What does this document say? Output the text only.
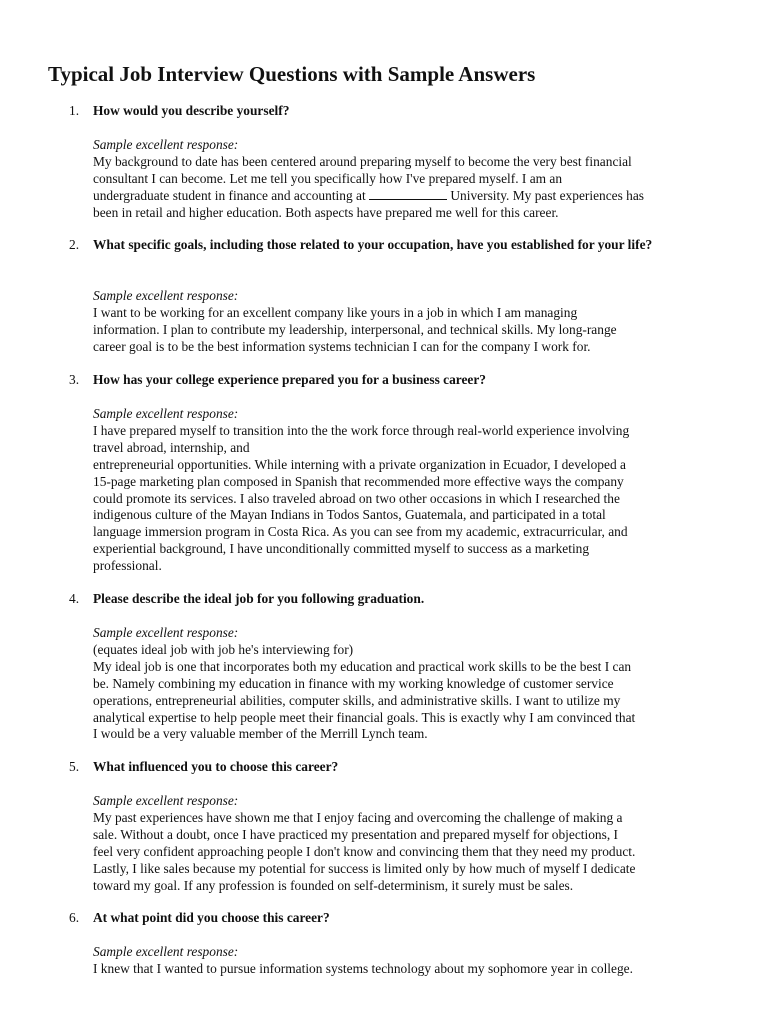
Typical Job Interview Questions with Sample Answers
1. How would you describe yourself?
Sample excellent response:
My background to date has been centered around preparing myself to become the very best financial
consultant I can become. Let me tell you specifically how I've prepared myself. I am an
undergraduate student in finance and accounting at	University. My past experiences has
been in retail and higher education. Both aspects have prepared me well for this career.
2. What specific goals, including those related to your occupation, have you established for your life?
Sample excellent response:
I want to be working for an excellent company like yours in a job in which I am managing
information. I plan to contribute my leadership, interpersonal, and technical skills. My long-range
career goal is to be the best information systems technician I can for the company I work for.
3. How has your college experience prepared you for a business career?
Sample excellent response:
I have prepared myself to transition into the the work force through real-world experience involving
travel abroad, internship, and
entrepreneurial opportunities. While interning with a private organization in Ecuador, I developed a
15-page marketing plan composed in Spanish that recommended more effective ways the company
could promote its services. I also traveled abroad on two other occasions in which I researched the
indigenous culture of the Mayan Indians in Todos Santos, Guatemala, and participated in a total
language immersion program in Costa Rica. As you can see from my academic, extracurricular, and
experiential background, I have unconditionally committed myself to success as a marketing
professional.
4. Please describe the ideal job for you following graduation.
Sample excellent response:
(equates ideal job with job he's interviewing for)
My ideal job is one that incorporates both my education and practical work skills to be the best I can
be. Namely combining my education in finance with my working knowledge of customer service
operations, entrepreneurial abilities, computer skills, and administrative skills. I want to utilize my
analytical expertise to help people meet their financial goals. This is exactly why I am convinced that
I would be a very valuable member of the Merrill Lynch team.
5. What influenced you to choose this career?
Sample excellent response:
My past experiences have shown me that I enjoy facing and overcoming the challenge of making a
sale. Without a doubt, once I have practiced my presentation and prepared myself for objections, I
feel very confident approaching people I don't know and convincing them that they need my product.
Lastly, I like sales because my potential for success is limited only by how much of myself I dedicate
toward my goal. If any profession is founded on self-determinism, it surely must be sales.
6. At what point did you choose this career?
Sample excellent response:
I knew that I wanted to pursue information systems technology about my sophomore year in college.
